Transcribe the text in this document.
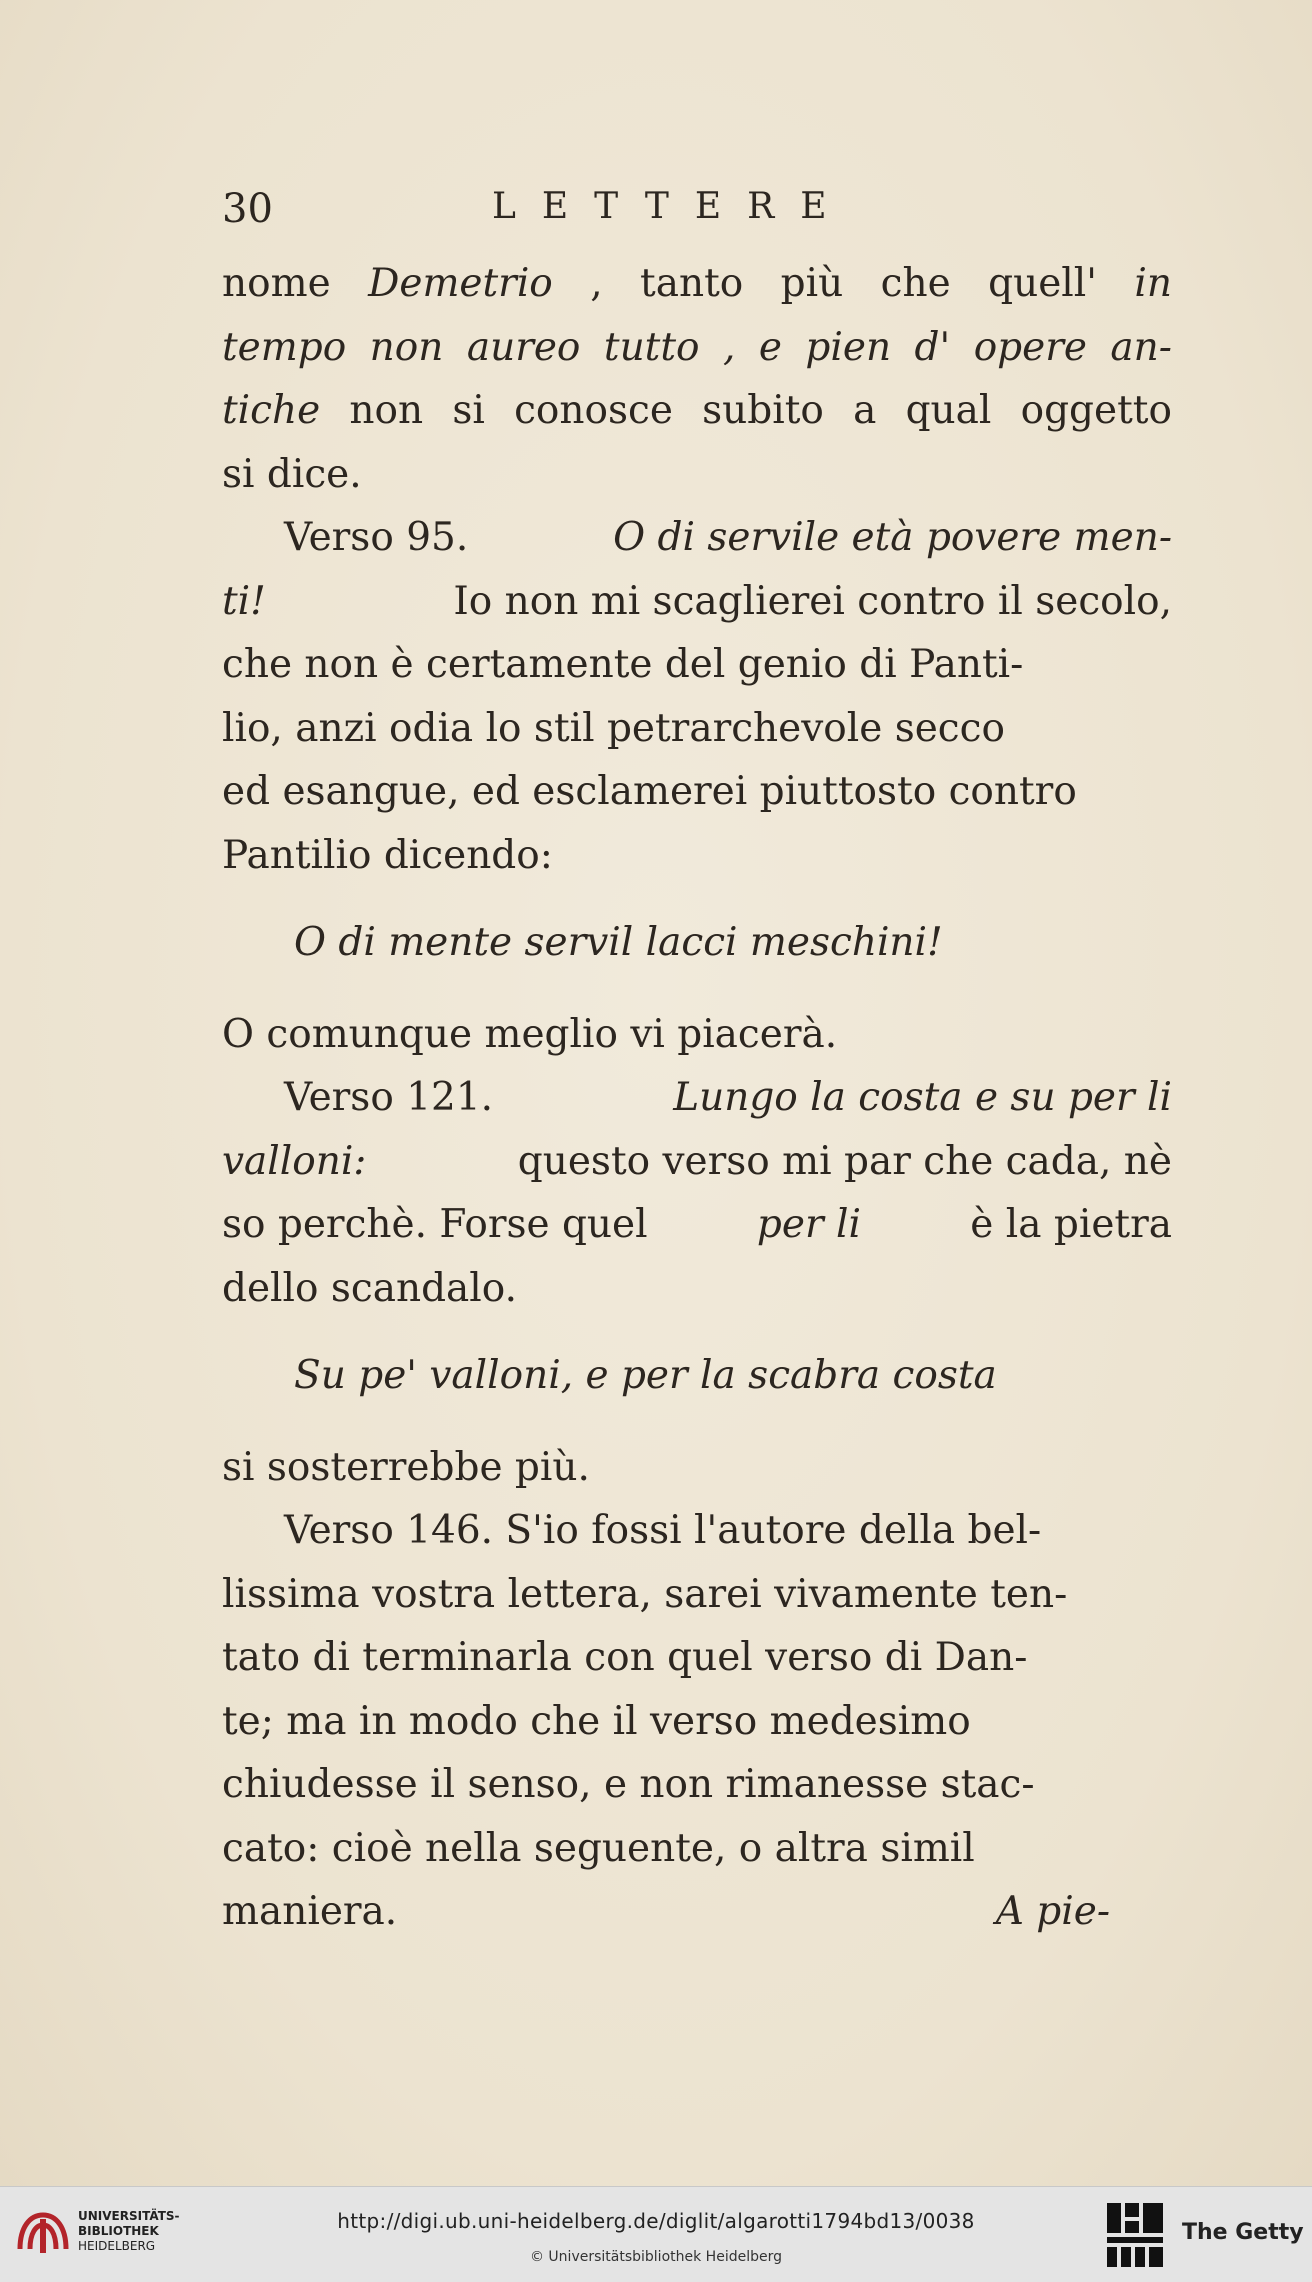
30	LETTERE
nome Demetrio , tanto più che quell' in
tempo non aureo tutto , e pien d' opere an-
tiche non si conosce subito a qual oggetto
si dice.
Verso 95.	O di servile età povere men-
ti!	Io non mi scaglierei contro il secolo,
che non è certamente del genio di Panti-
lio, anzi odia lo stil petrarchevole secco
ed esangue, ed esclamerei piuttosto contro
Pantilio dicendo:
O di mente servil lacci meschini!
O comunque meglio vi piacerà.
Verso 121.	Lungo la costa e su per li
valloni:	questo verso mi par che cada, nè
so perchè. Forse quel	per li	è la pietra
dello scandalo.
Su pe' valloni, e per la scabra costa
si sosterrebbe più.
Verso 146. S'io fossi l'autore della bel-
lissima vostra lettera, sarei vivamente ten-
tato di terminarla con quel verso di Dan-
te; ma in modo che il verso medesimo
chiudesse il senso, e non rimanesse stac-
cato: cioè nella seguente, o altra simil
maniera.	A pie-
UNIVERSITÄTS-
BIBLIOTHEK
HEIDELBERG
http://digi.ub.uni-heidelberg.de/diglit/algarotti1794bd13/0038
© Universitätsbibliothek Heidelberg
The Getty
